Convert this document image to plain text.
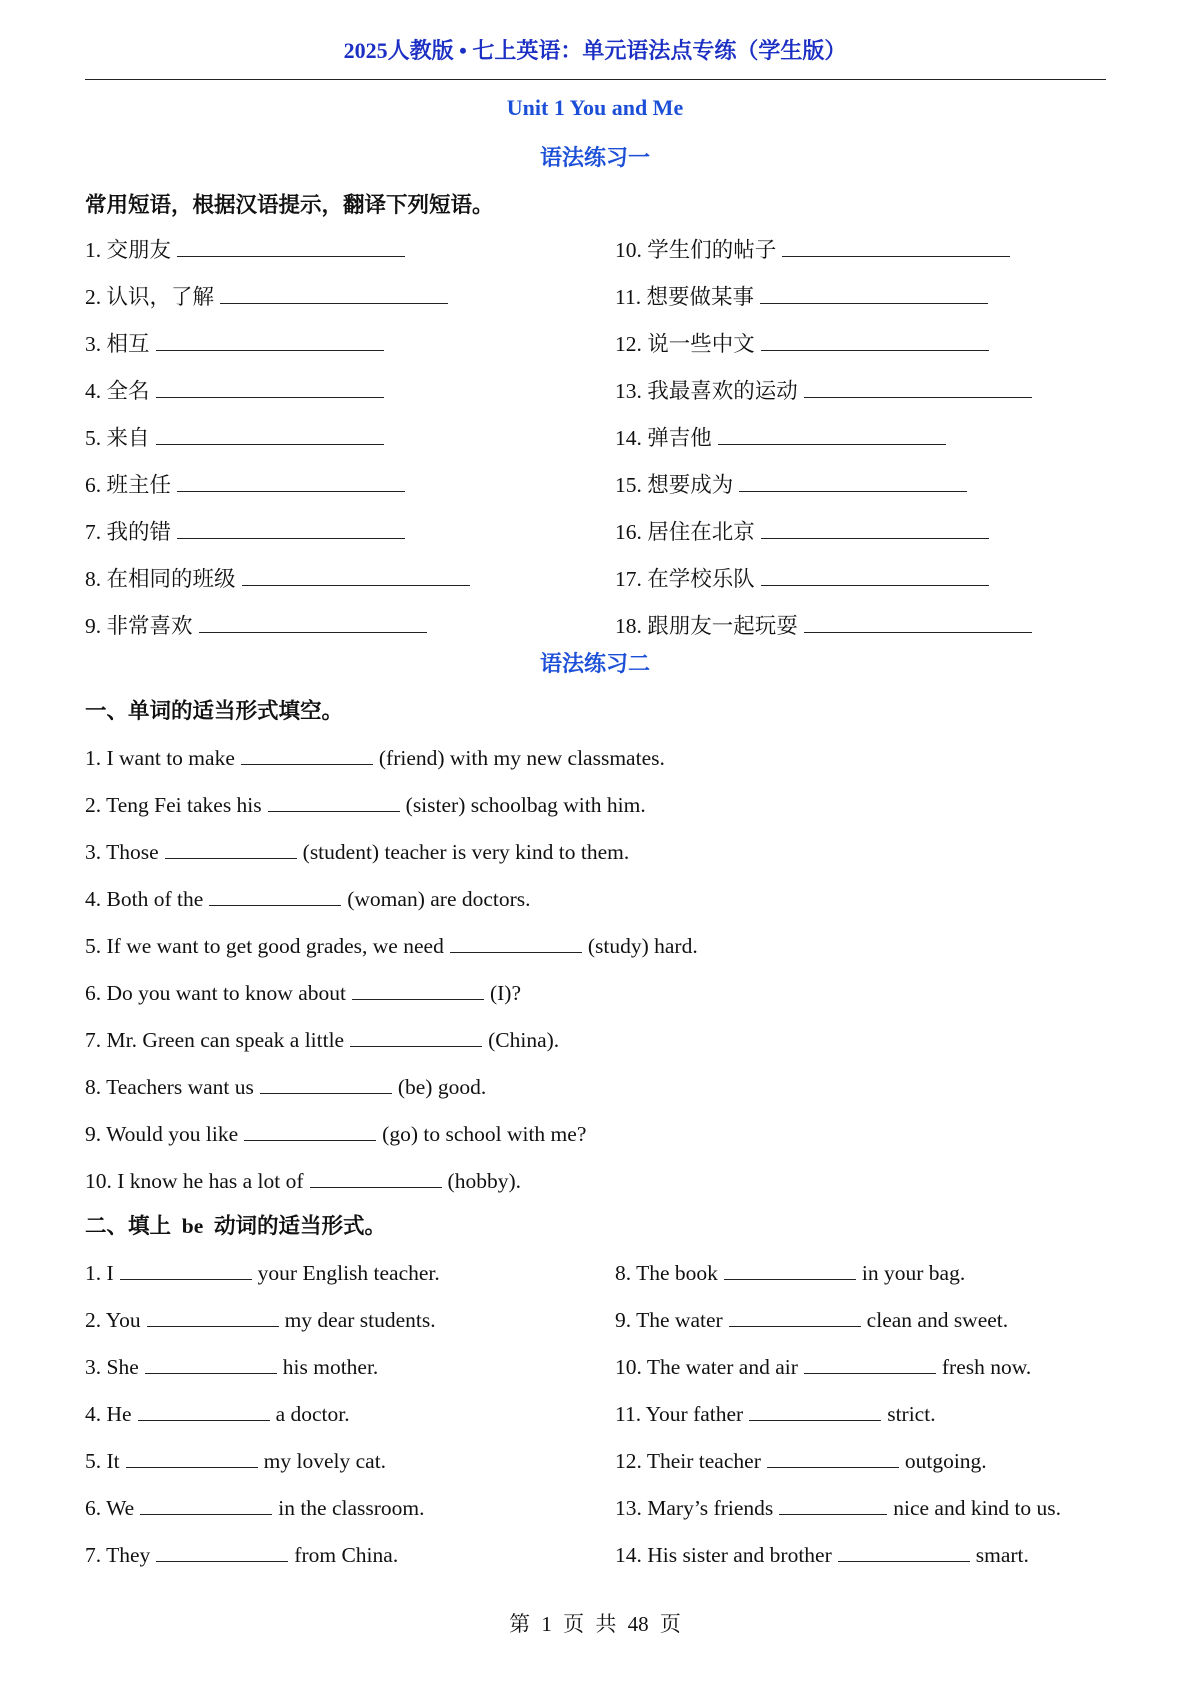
2025人教版 • 七上英语：单元语法点专练（学生版）
Unit 1 You and Me
语法练习一
常用短语，根据汉语提示，翻译下列短语。
1. 交朋友
2. 认识，了解
3. 相互
4. 全名
5. 来自
6. 班主任
7. 我的错
8. 在相同的班级
9. 非常喜欢
10. 学生们的帖子
11. 想要做某事
12. 说一些中文
13. 我最喜欢的运动
14. 弹吉他
15. 想要成为
16. 居住在北京
17. 在学校乐队
18. 跟朋友一起玩耍
语法练习二
一、单词的适当形式填空。
1. I want to make	(friend) with my new classmates.
2. Teng Fei takes his	(sister) schoolbag with him.
3. Those	(student) teacher is very kind to them.
4. Both of the	(woman) are doctors.
5. If we want to get good grades, we need	(study) hard.
6. Do you want to know about	(I)?
7. Mr. Green can speak a little	(China).
8. Teachers want us	(be) good.
9. Would you like	(go) to school with me?
10. I know he has a lot of	(hobby).
二、填上  be  动词的适当形式。
1. I	your English teacher.
2. You	my dear students.
3. She	his mother.
4. He	a doctor.
5. It	my lovely cat.
6. We	in the classroom.
7. They	from China.
8. The book	in your bag.
9. The water	clean and sweet.
10. The water and air	fresh now.
11. Your father	strict.
12. Their teacher	outgoing.
13. Mary’s friends	nice and kind to us.
14. His sister and brother	smart.
第 1 页 共 48 页
